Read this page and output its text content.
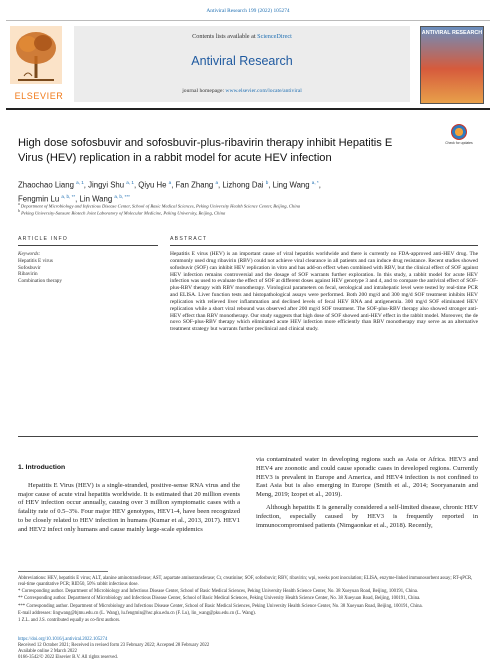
Antiviral Research 199 (2022) 105274
ELSEVIER
Contents lists available at ScienceDirect
Antiviral Research
journal homepage: www.elsevier.com/locate/antiviral
ANTIVIRAL RESEARCH
High dose sofosbuvir and sofosbuvir-plus-ribavirin therapy inhibit Hepatitis E Virus (HEV) replication in a rabbit model for acute HEV infection
Check for updates
Zhaochao Liang $^{a, 1}$, Jingyi Shu $^{a, 1}$, Qiyu He $^a$, Fan Zhang $^a$, Lizhong Dai $^b$, Ling Wang $^{a, *}$,
Fengmin Lu $^{a, b, **}$, Lin Wang $^{a, b, ***}$
$^a$ Department of Microbiology and Infectious Disease Center, School of Basic Medical Sciences, Peking University Health Science Center, Beijing, China
$^b$ Peking University-Sansure Biotech Joint Laboratory of Molecular Medicine, Peking University, Beijing, China
ARTICLE INFO	ABSTRACT
Keywords:
Hepatitis E virus
Sofosbuvir
Ribavirin
Combination therapy
Hepatitis E virus (HEV) is an important cause of viral hepatitis worldwide and there is currently no FDA-approved anti-HEV drug. The commonly used drug ribavirin (RBV) could not achieve viral clearance in all patients and can induce drug resistance. Recent studies showed sofosbuvir (SOF) can inhibit HEV replication in vitro and has add-on effect when combined with RBV, but the clinical effect of SOF against HEV infection remains controversial and the dosage of SOF warrants further exploration. In this study, a rabbit model for acute HEV infection was used to evaluate the effect of SOF at different doses against HEV genotype 3 and 4, and to compare the antiviral effect of SOF-plus-RBV therapy with RBV monotherapy. Virological parameters on fecal, serological and intrahepatic level were tested by real-time PCR and ELISA. Liver function tests and histopathological assays were performed. Both 200 mg/d and 300 mg/d SOF treatment inhibits HEV replication with relieved liver inflammation and declined levels of fecal HEV RNA and antigenemia. 300 mg/d SOF eliminated HEV replication while a short viral rebound was observed after 200 mg/d SOF treatment. The SOF-plus-RBV therapy also showed stronger anti-HEV effect than RBV monotherapy. Our study suggests that high dose of SOF showed anti-HEV effect in the rabbit model. Moreover, the de novo SOF-plus-RBV therapy which eliminated acute HEV infection more efficiently than RBV monotherapy may serve as an alternative treatment strategy but warrants further preclinical and clinical study.
1. Introduction

Hepatitis E Virus (HEV) is a single-stranded, positive-sense RNA virus and the major cause of acute viral hepatitis worldwide. It is estimated that 20 million events of HEV infection occur annually, causing over 3 million symptomatic cases with a fatality rate of 0.5–3%. Four major HEV genotypes, HEV1-4, have been recognized to be closely related to HEV infection in humans (Kumar et al., 2013, 2017). HEV1 and HEV2 infect only humans and cause mainly large-scale epidemics

via contaminated water in developing regions such as Asia or Africa. HEV3 and HEV4 are zoonotic and could cause sporadic cases in developed regions. Currently HEV3 is prevalent in Europe and America, and HEV4 infection is not confined to East Asia but is also emerging in Europe (Smith et al., 2014; Sooryanarain and Meng, 2019; Izopet et al., 2019).

Although hepatitis E is generally considered a self-limited disease, chronic HEV infection, especially caused by HEV3 is frequently reported in immunocompromised patients (Nimgaonkar et al., 2018). Recently,

Abbreviations: HEV, hepatitis E virus; ALT, alanine aminotransferase; AST, aspartate aminotransferase; Cr, creatinine; SOF, sofosbuvir; RBV, ribavirin; wpi, weeks post inoculation; ELISA, enzyme-linked immunosorbent assay; RT-qPCR, real-time quantitative PCR; RID50, 50% rabbit infectious dose.

* Corresponding author. Department of Microbiology and Infectious Disease Center, School of Basic Medical Sciences, Peking University Health Science Center, No. 38 Xueyuan Road, Beijing, 100191, China.

** Corresponding author. Department of Microbiology and Infectious Disease Center, School of Basic Medical Sciences, Peking University Health Science Center, No. 38 Xueyuan Road, Beijing, 100191, China.

*** Corresponding author. Department of Microbiology and Infectious Disease Center, School of Basic Medical Sciences, Peking University Health Science Center, No. 38 Xueyuan Road, Beijing, 100191, China.

E-mail addresses: lingwang@bjmu.edu.cn (L. Wang), lu.fengmin@hsc.pku.edu.cn (F. Lu), lin_wang@pku.edu.cn (L. Wang).

1 Z.L. and J.S. contributed equally as co-first authors.

https://doi.org/10.1016/j.antiviral.2022.105274
Received 12 October 2021; Received in revised form 23 February 2022; Accepted 28 February 2022
Available online 2 March 2022
0166-3542/© 2022 Elsevier B.V. All rights reserved.
